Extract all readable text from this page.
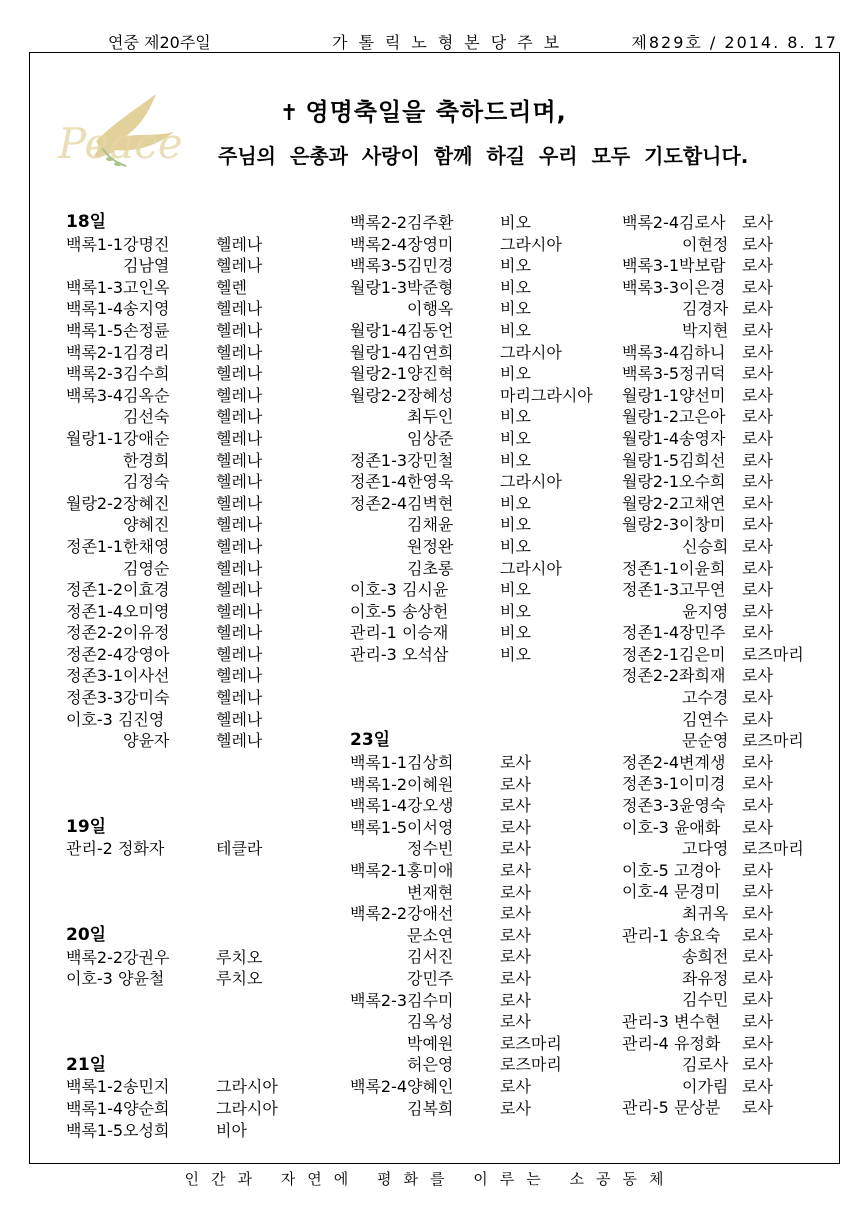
연중 제20주일	가톨릭노형본당주보	제829호 / 2014. 8. 17
Peace
✝ 영명축일을 축하드리며,
주님의 은총과 사랑이 함께 하길 우리 모두 기도합니다.
18일
백록1-1강명진	헬레나
김남열	헬레나
백록1-3고인옥	헬렌
백록1-4송지영	헬레나
백록1-5손정륜	헬레나
백록2-1김경리	헬레나
백록2-3김수희	헬레나
백록3-4김옥순	헬레나
김선숙	헬레나
월랑1-1강애순	헬레나
한경희	헬레나
김정숙	헬레나
월랑2-2장혜진	헬레나
양혜진	헬레나
정존1-1한채영	헬레나
김영순	헬레나
정존1-2이효경	헬레나
정존1-4오미영	헬레나
정존2-2이유정	헬레나
정존2-4강영아	헬레나
정존3-1이사선	헬레나
정존3-3강미숙	헬레나
이호-3 김진영	헬레나
양윤자	헬레나
19일
관리-2 정화자	테클라
20일
백록2-2강권우	루치오
이호-3 양윤철	루치오
21일
백록1-2송민지	그라시아
백록1-4양순희	그라시아
백록1-5오성희	비아
백록2-2김주환	비오
백록2-4장영미	그라시아
백록3-5김민경	비오
월랑1-3박준형	비오
이행옥	비오
월랑1-4김동언	비오
월랑1-4김연희	그라시아
월랑2-1양진혁	비오
월랑2-2장혜성	마리그라시아
최두인	비오
임상준	비오
정존1-3강민철	비오
정존1-4한영욱	그라시아
정존2-4김벽현	비오
김채윤	비오
원정완	비오
김초롱	그라시아
이호-3 김시윤	비오
이호-5 송상헌	비오
관리-1 이승재	비오
관리-3 오석삼	비오
23일
백록1-1김상희	로사
백록1-2이혜원	로사
백록1-4강오생	로사
백록1-5이서영	로사
정수빈	로사
백록2-1홍미애	로사
변재현	로사
백록2-2강애선	로사
문소연	로사
김서진	로사
강민주	로사
백록2-3김수미	로사
김옥성	로사
박예원	로즈마리
허은영	로즈마리
백록2-4양혜인	로사
김복희	로사
백록2-4김로사 로사
이현정 로사
백록3-1박보람 로사
백록3-3이은경 로사
김경자 로사
박지현 로사
백록3-4김하니 로사
백록3-5정귀덕 로사
월랑1-1양선미 로사
월랑1-2고은아 로사
월랑1-4송영자 로사
월랑1-5김희선 로사
월랑2-1오수희 로사
월랑2-2고채연 로사
월랑2-3이창미 로사
신승희 로사
정존1-1이윤희 로사
정존1-3고무연 로사
윤지영 로사
정존1-4장민주 로사
정존2-1김은미 로즈마리
정존2-2좌희재 로사
고수경 로사
김연수 로사
문순영 로즈마리
정존2-4변계생 로사
정존3-1이미경 로사
정존3-3윤영숙 로사
이호-3 윤애화 로사
고다영 로즈마리
이호-5 고경아 로사
이호-4 문경미 로사
최귀옥 로사
관리-1 송요숙 로사
송희전 로사
좌유정 로사
김수민 로사
관리-3 변수현 로사
관리-4 유정화 로사
김로사 로사
이가림 로사
관리-5 문상분 로사
인간과 자연에 평화를 이루는 소공동체
